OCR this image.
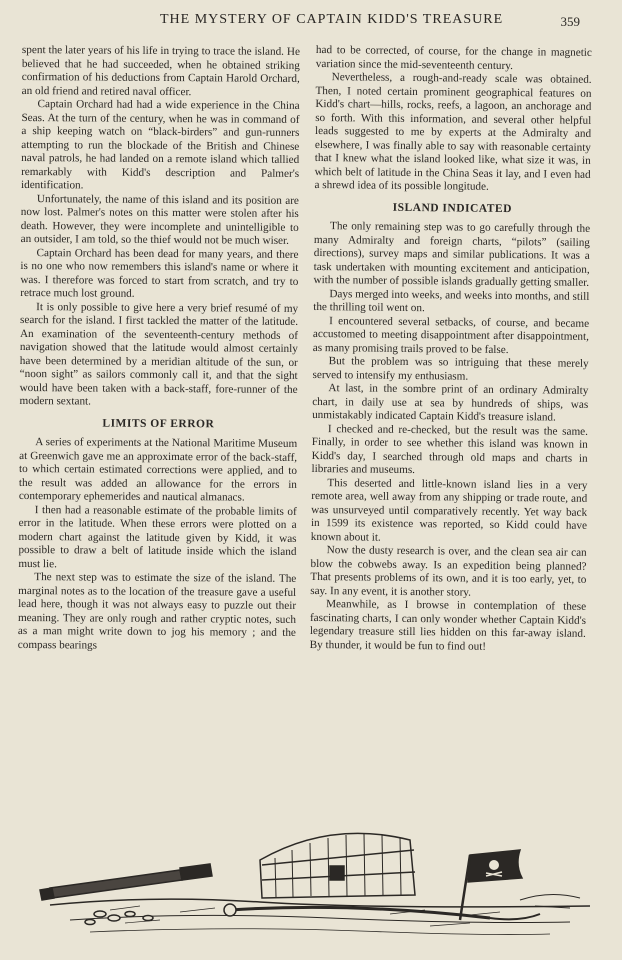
THE MYSTERY OF CAPTAIN KIDD'S TREASURE	359

spent the later years of his life in trying to trace the island. He believed that he had succeeded, when he obtained striking confirmation of his deductions from Captain Harold Orchard, an old friend and retired naval officer.

Captain Orchard had had a wide experience in the China Seas. At the turn of the century, when he was in command of a ship keeping watch on “black-birders” and gun-runners attempting to run the blockade of the British and Chinese naval patrols, he had landed on a remote island which tallied remarkably with Kidd's description and Palmer's identification.

Unfortunately, the name of this island and its position are now lost. Palmer's notes on this matter were stolen after his death. However, they were incomplete and unintelligible to an outsider, I am told, so the thief would not be much wiser.

Captain Orchard has been dead for many years, and there is no one who now remembers this island's name or where it was. I therefore was forced to start from scratch, and try to retrace much lost ground.

It is only possible to give here a very brief resumé of my search for the island. I first tackled the matter of the latitude. An examination of the seventeenth-century methods of navigation showed that the latitude would almost certainly have been determined by a meridian altitude of the sun, or “noon sight” as sailors commonly call it, and that the sight would have been taken with a back-staff, fore-runner of the modern sextant.

LIMITS OF ERROR

A series of experiments at the National Maritime Museum at Greenwich gave me an approximate error of the back-staff, to which certain estimated corrections were applied, and to the result was added an allowance for the errors in contemporary ephemerides and nautical almanacs.

I then had a reasonable estimate of the probable limits of error in the latitude. When these errors were plotted on a modern chart against the latitude given by Kidd, it was possible to draw a belt of latitude inside which the island must lie.

The next step was to estimate the size of the island. The marginal notes as to the location of the treasure gave a useful lead here, though it was not always easy to puzzle out their meaning. They are only rough and rather cryptic notes, such as a man might write down to jog his memory ; and the compass bearings

had to be corrected, of course, for the change in magnetic variation since the mid-seventeenth century.

Nevertheless, a rough-and-ready scale was obtained. Then, I noted certain prominent geographical features on Kidd's chart—hills, rocks, reefs, a lagoon, an anchorage and so forth. With this information, and several other helpful leads suggested to me by experts at the Admiralty and elsewhere, I was finally able to say with reasonable certainty that I knew what the island looked like, what size it was, in which belt of latitude in the China Seas it lay, and I even had a shrewd idea of its possible longitude.

ISLAND INDICATED

The only remaining step was to go carefully through the many Admiralty and foreign charts, “pilots” (sailing directions), survey maps and similar publications. It was a task undertaken with mounting excitement and anticipation, with the number of possible islands gradually getting smaller.

Days merged into weeks, and weeks into months, and still the thrilling toil went on.

I encountered several setbacks, of course, and became accustomed to meeting disappointment after disappointment, as many promising trails proved to be false.

But the problem was so intriguing that these merely served to intensify my enthusiasm.

At last, in the sombre print of an ordinary Admiralty chart, in daily use at sea by hundreds of ships, was unmistakably indicated Captain Kidd's treasure island.

I checked and re-checked, but the result was the same. Finally, in order to see whether this island was known in Kidd's day, I searched through old maps and charts in libraries and museums.

This deserted and little-known island lies in a very remote area, well away from any shipping or trade route, and was unsurveyed until comparatively recently. Yet way back in 1599 its existence was reported, so Kidd could have known about it.

Now the dusty research is over, and the clean sea air can blow the cobwebs away. Is an expedition being planned? That presents problems of its own, and it is too early, yet, to say. In any event, it is another story.

Meanwhile, as I browse in contemplation of these fascinating charts, I can only wonder whether Captain Kidd's legendary treasure still lies hidden on this far-away island. By thunder, it would be fun to find out!
